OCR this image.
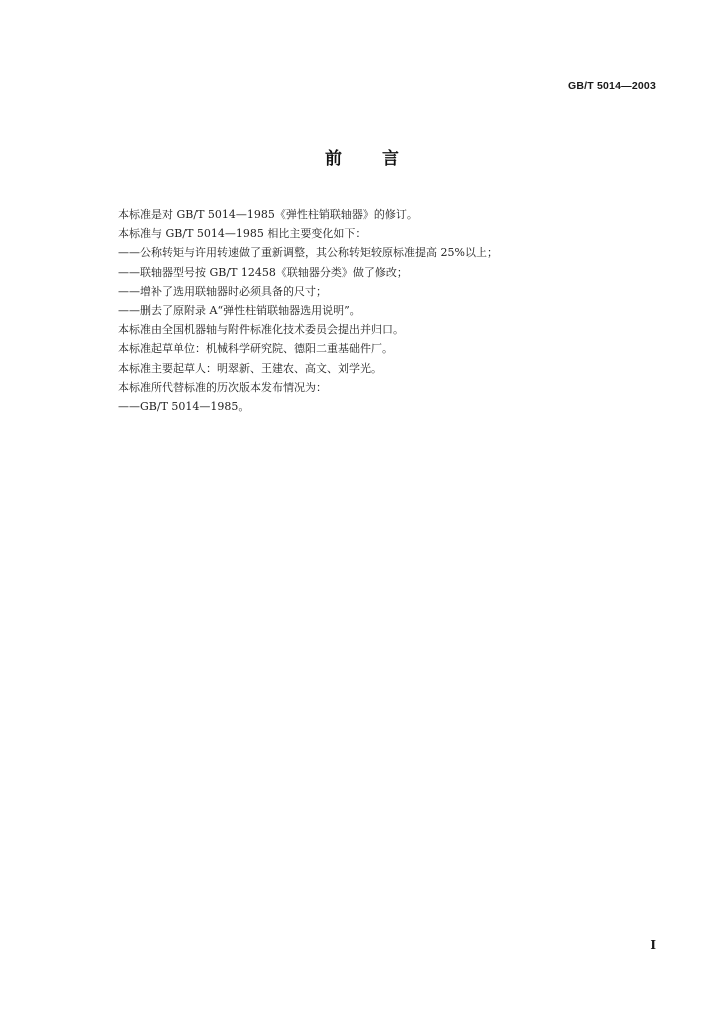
GB/T 5014—2003
前言
本标准是对 GB/T 5014—1985《弹性柱销联轴器》的修订。
本标准与 GB/T 5014—1985 相比主要变化如下：
——公称转矩与许用转速做了重新调整，其公称转矩较原标准提高 25%以上；
——联轴器型号按 GB/T 12458《联轴器分类》做了修改；
——增补了选用联轴器时必须具备的尺寸；
——删去了原附录 A“弹性柱销联轴器选用说明”。
本标准由全国机器轴与附件标准化技术委员会提出并归口。
本标准起草单位：机械科学研究院、德阳二重基础件厂。
本标准主要起草人：明翠新、王建农、高文、刘学光。
本标准所代替标准的历次版本发布情况为：
——GB/T 5014—1985。
Ⅰ
